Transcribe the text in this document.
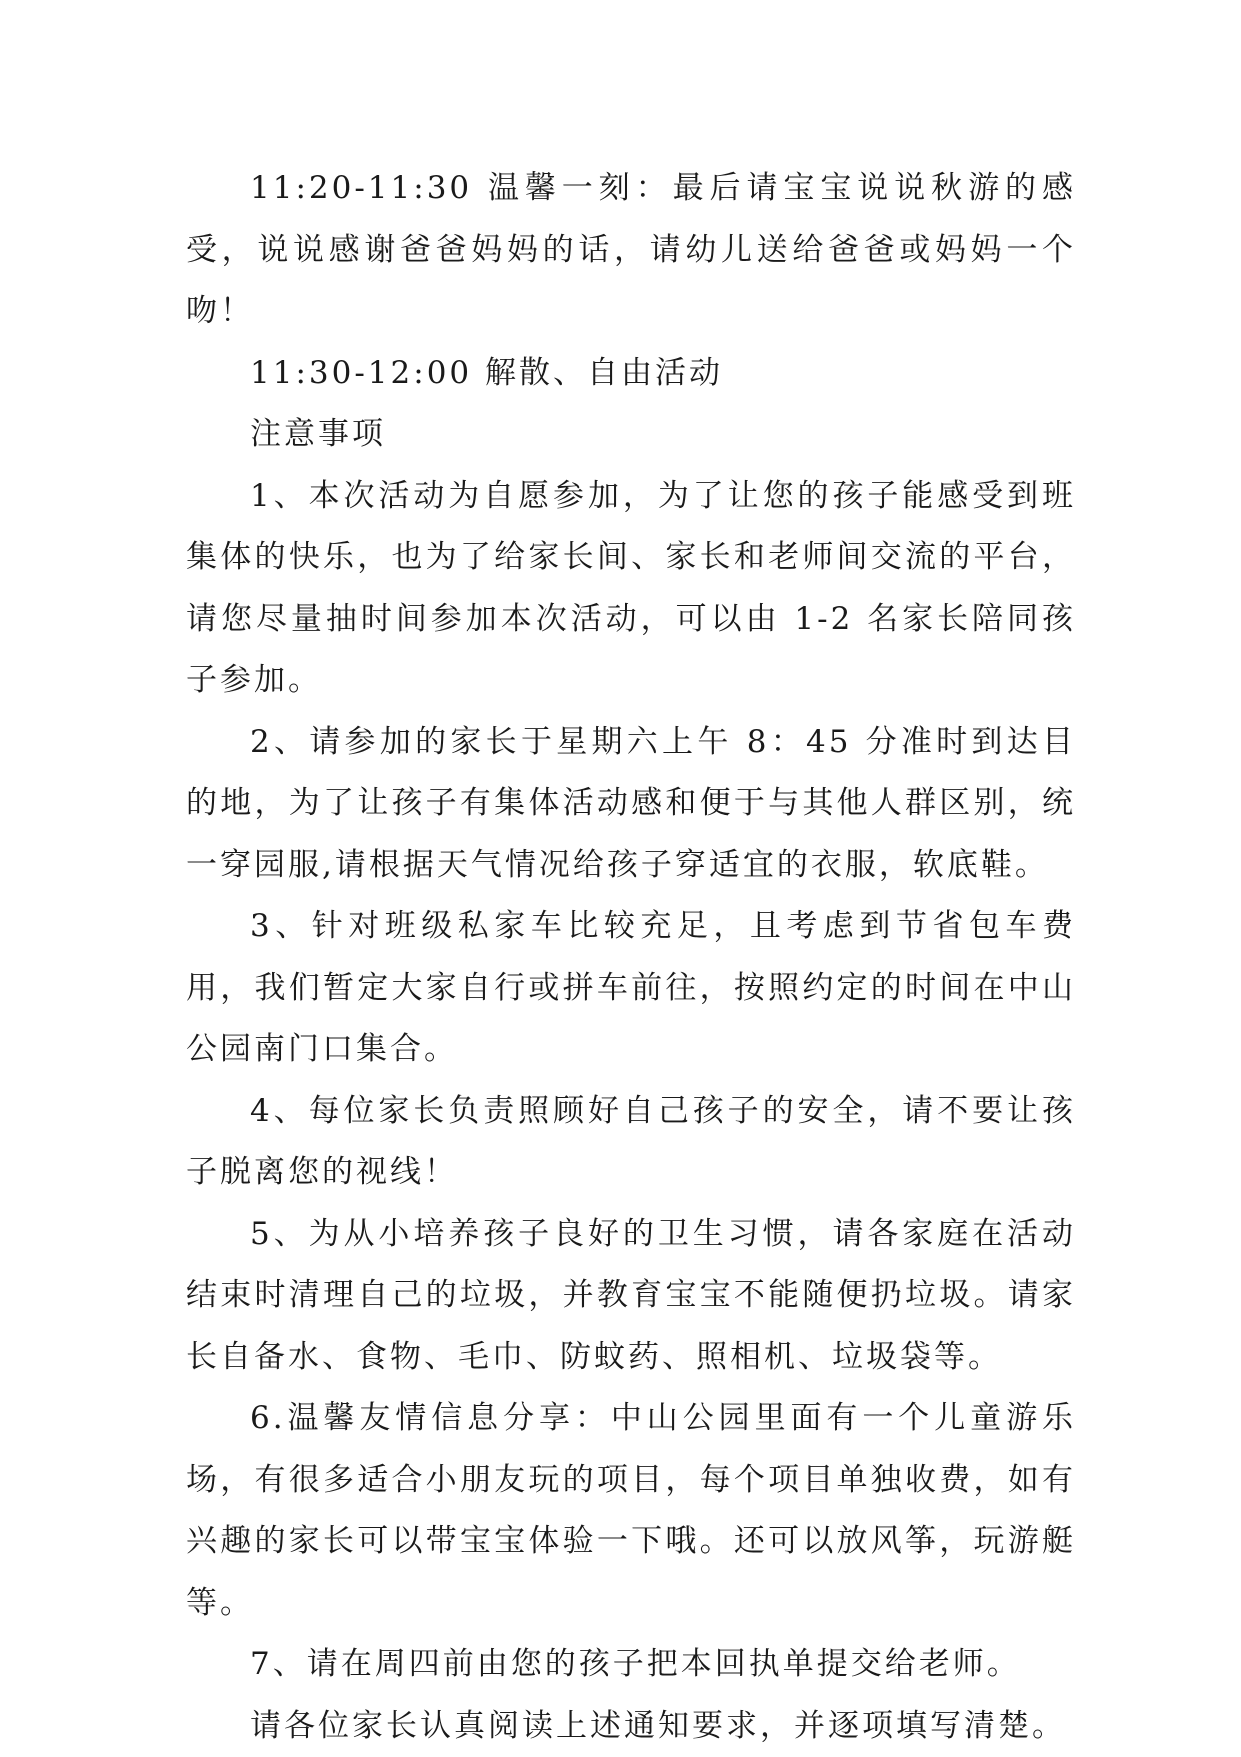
11:20-11:30 温馨一刻：最后请宝宝说说秋游的感受，说说感谢爸爸妈妈的话，请幼儿送给爸爸或妈妈一个吻！

11:30-12:00 解散、自由活动

注意事项

1、本次活动为自愿参加，为了让您的孩子能感受到班集体的快乐，也为了给家长间、家长和老师间交流的平台，请您尽量抽时间参加本次活动，可以由 1-2 名家长陪同孩子参加。

2、请参加的家长于星期六上午 8：45 分准时到达目的地，为了让孩子有集体活动感和便于与其他人群区别，统一穿园服,请根据天气情况给孩子穿适宜的衣服，软底鞋。

3、针对班级私家车比较充足，且考虑到节省包车费用，我们暂定大家自行或拼车前往，按照约定的时间在中山公园南门口集合。

4、每位家长负责照顾好自己孩子的安全，请不要让孩子脱离您的视线！

5、为从小培养孩子良好的卫生习惯，请各家庭在活动结束时清理自己的垃圾，并教育宝宝不能随便扔垃圾。请家长自备水、食物、毛巾、防蚊药、照相机、垃圾袋等。

6.温馨友情信息分享：中山公园里面有一个儿童游乐场，有很多适合小朋友玩的项目，每个项目单独收费，如有兴趣的家长可以带宝宝体验一下哦。还可以放风筝，玩游艇等。

7、请在周四前由您的孩子把本回执单提交给老师。

请各位家长认真阅读上述通知要求，并逐项填写清楚。
